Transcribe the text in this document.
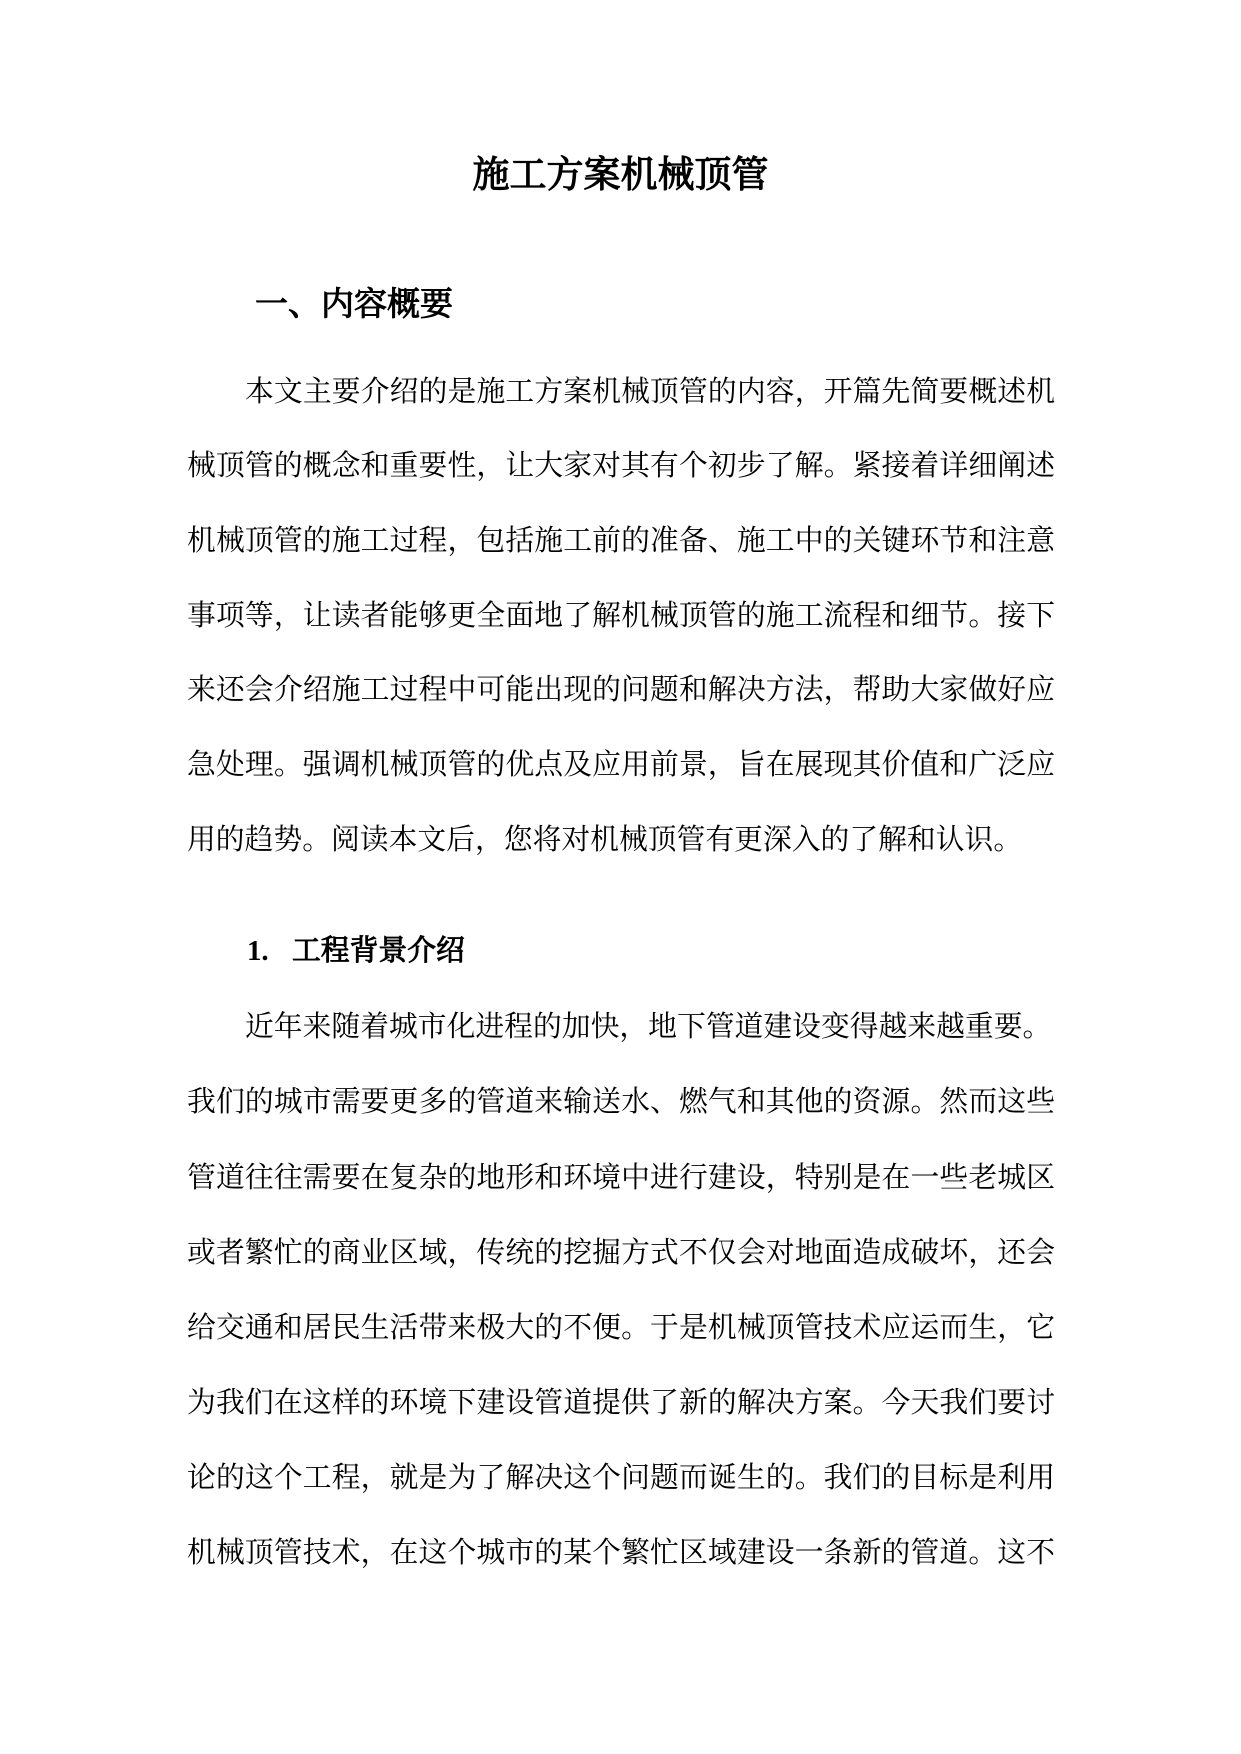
施工方案机械顶管
一、内容概要
本文主要介绍的是施工方案机械顶管的内容，开篇先简要概述机
械顶管的概念和重要性，让大家对其有个初步了解。紧接着详细阐述
机械顶管的施工过程，包括施工前的准备、施工中的关键环节和注意
事项等，让读者能够更全面地了解机械顶管的施工流程和细节。接下
来还会介绍施工过程中可能出现的问题和解决方法，帮助大家做好应
急处理。强调机械顶管的优点及应用前景，旨在展现其价值和广泛应
用的趋势。阅读本文后，您将对机械顶管有更深入的了解和认识。
1. 工程背景介绍
近年来随着城市化进程的加快，地下管道建设变得越来越重要。
我们的城市需要更多的管道来输送水、燃气和其他的资源。然而这些
管道往往需要在复杂的地形和环境中进行建设，特别是在一些老城区
或者繁忙的商业区域，传统的挖掘方式不仅会对地面造成破坏，还会
给交通和居民生活带来极大的不便。于是机械顶管技术应运而生，它
为我们在这样的环境下建设管道提供了新的解决方案。今天我们要讨
论的这个工程，就是为了解决这个问题而诞生的。我们的目标是利用
机械顶管技术，在这个城市的某个繁忙区域建设一条新的管道。这不
